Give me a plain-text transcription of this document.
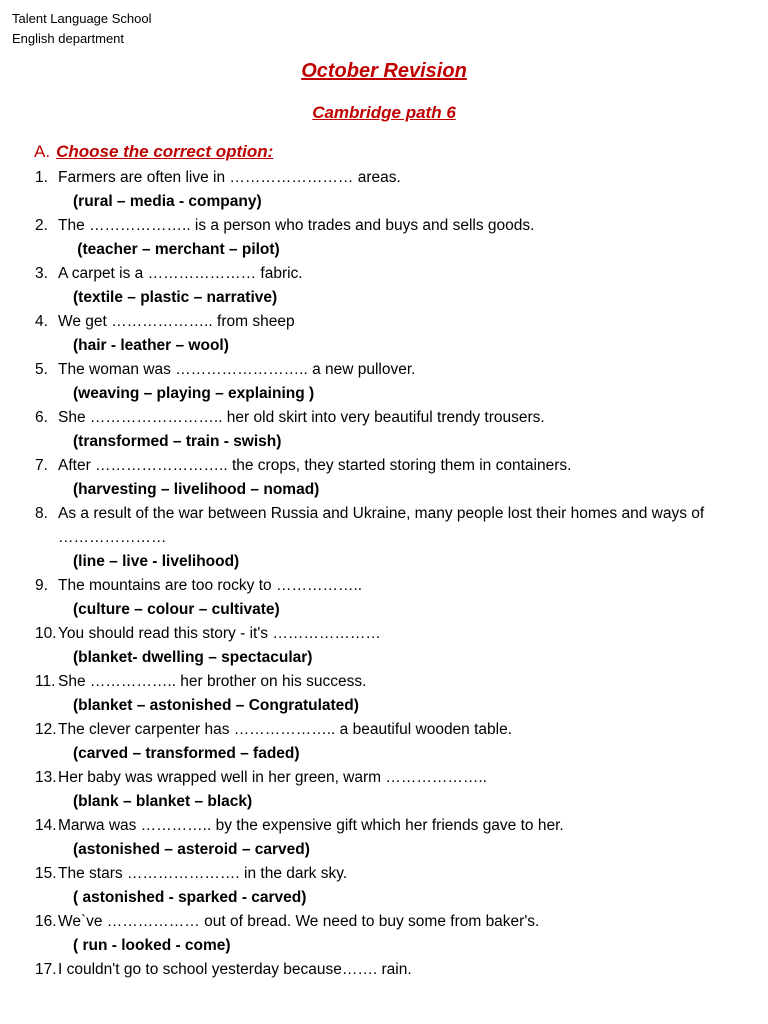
Talent Language School
English department
October Revision
Cambridge path 6
A. Choose the correct option:
1. Farmers are often live in …………………… areas.
(rural – media - company)
2. The ……………….. is a person who trades and buys and sells goods.
(teacher – merchant – pilot)
3. A carpet is a ………………… fabric.
(textile – plastic – narrative)
4. We get ……………….. from sheep
(hair - leather – wool)
5. The woman was …………………….. a new pullover.
(weaving – playing – explaining )
6. She …………………….. her old skirt into very beautiful trendy trousers.
(transformed – train - swish)
7. After …………………….. the crops, they started storing them in containers.
(harvesting – livelihood – nomad)
8. As a result of the war between Russia and Ukraine, many people lost their homes and ways of
…………………
(line – live - livelihood)
9. The mountains are too rocky to ……………..
(culture – colour – cultivate)
10. You should read this story - it's …………………
(blanket- dwelling – spectacular)
11. She …………….. her brother on his success.
(blanket – astonished – Congratulated)
12. The clever carpenter has ……………….. a beautiful wooden table.
(carved – transformed – faded)
13. Her baby was wrapped well in her green, warm ………………..
(blank – blanket – black)
14. Marwa was ………….. by the expensive gift which her friends gave to her.
(astonished – asteroid – carved)
15. The stars …………………. in the dark sky.
( astonished - sparked - carved)
16. We`ve ……………… out of bread. We need to buy some from baker's.
( run - looked - come)
17. I couldn't go to school yesterday because……. rain.
